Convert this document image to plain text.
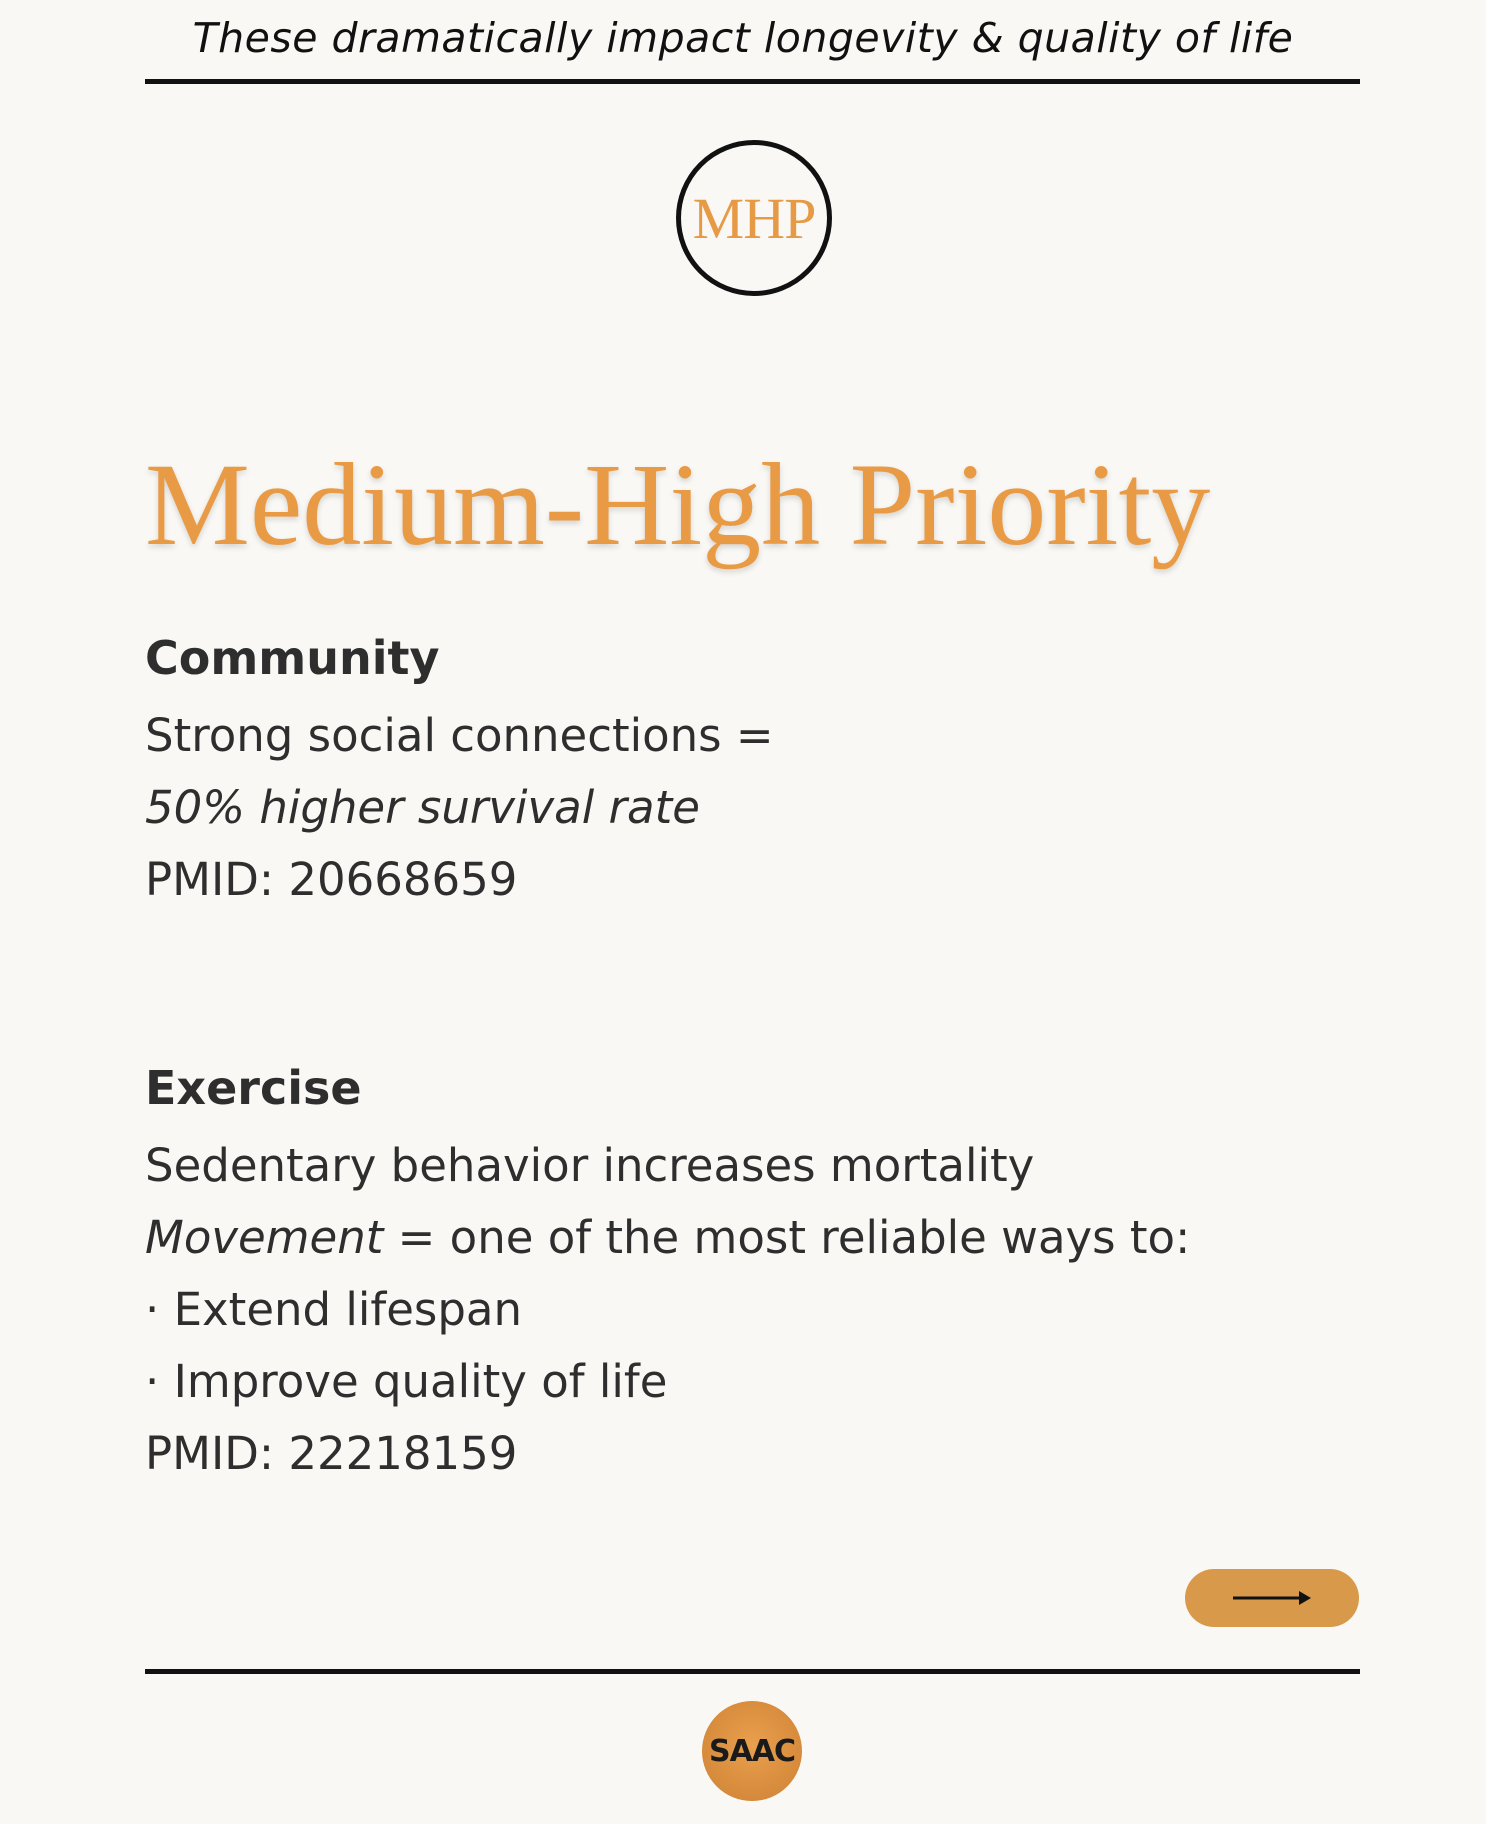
These dramatically impact longevity & quality of life
MHP
Medium-High Priority
Community
Strong social connections =
50% higher survival rate
PMID: 20668659
Exercise
Sedentary behavior increases mortality
Movement = one of the most reliable ways to:
· Extend lifespan
· Improve quality of life
PMID: 22218159
SAAC
